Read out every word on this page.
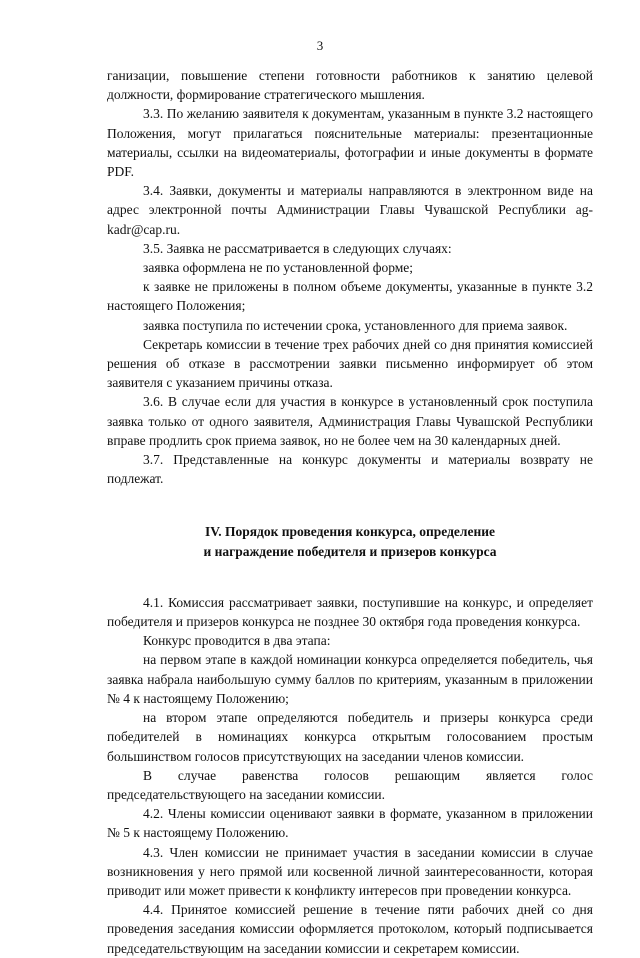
3

ганизации, повышение степени готовности работников к занятию целевой должности, формирование стратегического мышления.

3.3. По желанию заявителя к документам, указанным в пункте 3.2 настоящего Положения, могут прилагаться пояснительные материалы: презентационные материалы, ссылки на видеоматериалы, фотографии и иные документы в формате PDF.

3.4. Заявки, документы и материалы направляются в электронном виде на адрес электронной почты Администрации Главы Чувашской Республики ag-kadr@cap.ru.

3.5. Заявка не рассматривается в следующих случаях:

заявка оформлена не по установленной форме;

к заявке не приложены в полном объеме документы, указанные в пункте 3.2 настоящего Положения;

заявка поступила по истечении срока, установленного для приема заявок.

Секретарь комиссии в течение трех рабочих дней со дня принятия комиссией решения об отказе в рассмотрении заявки письменно информирует об этом заявителя с указанием причины отказа.

3.6. В случае если для участия в конкурсе в установленный срок поступила заявка только от одного заявителя, Администрация Главы Чувашской Республики вправе продлить срок приема заявок, но не более чем на 30 календарных дней.

3.7. Представленные на конкурс документы и материалы возврату не подлежат.

IV. Порядок проведения конкурса, определение
и награждение победителя и призеров конкурса

4.1. Комиссия рассматривает заявки, поступившие на конкурс, и определяет победителя и призеров конкурса не позднее 30 октября года проведения конкурса.

Конкурс проводится в два этапа:

на первом этапе в каждой номинации конкурса определяется победитель, чья заявка набрала наибольшую сумму баллов по критериям, указанным в приложении № 4 к настоящему Положению;

на втором этапе определяются победитель и призеры конкурса среди победителей в номинациях конкурса открытым голосованием простым большинством голосов присутствующих на заседании членов комиссии.

В случае равенства голосов решающим является голос председательствующего на заседании комиссии.

4.2. Члены комиссии оценивают заявки в формате, указанном в приложении № 5 к настоящему Положению.

4.3. Член комиссии не принимает участия в заседании комиссии в случае возникновения у него прямой или косвенной личной заинтересованности, которая приводит или может привести к конфликту интересов при проведении конкурса.

4.4. Принятое комиссией решение в течение пяти рабочих дней со дня проведения заседания комиссии оформляется протоколом, который подписывается председательствующим на заседании комиссии и секретарем комиссии.
